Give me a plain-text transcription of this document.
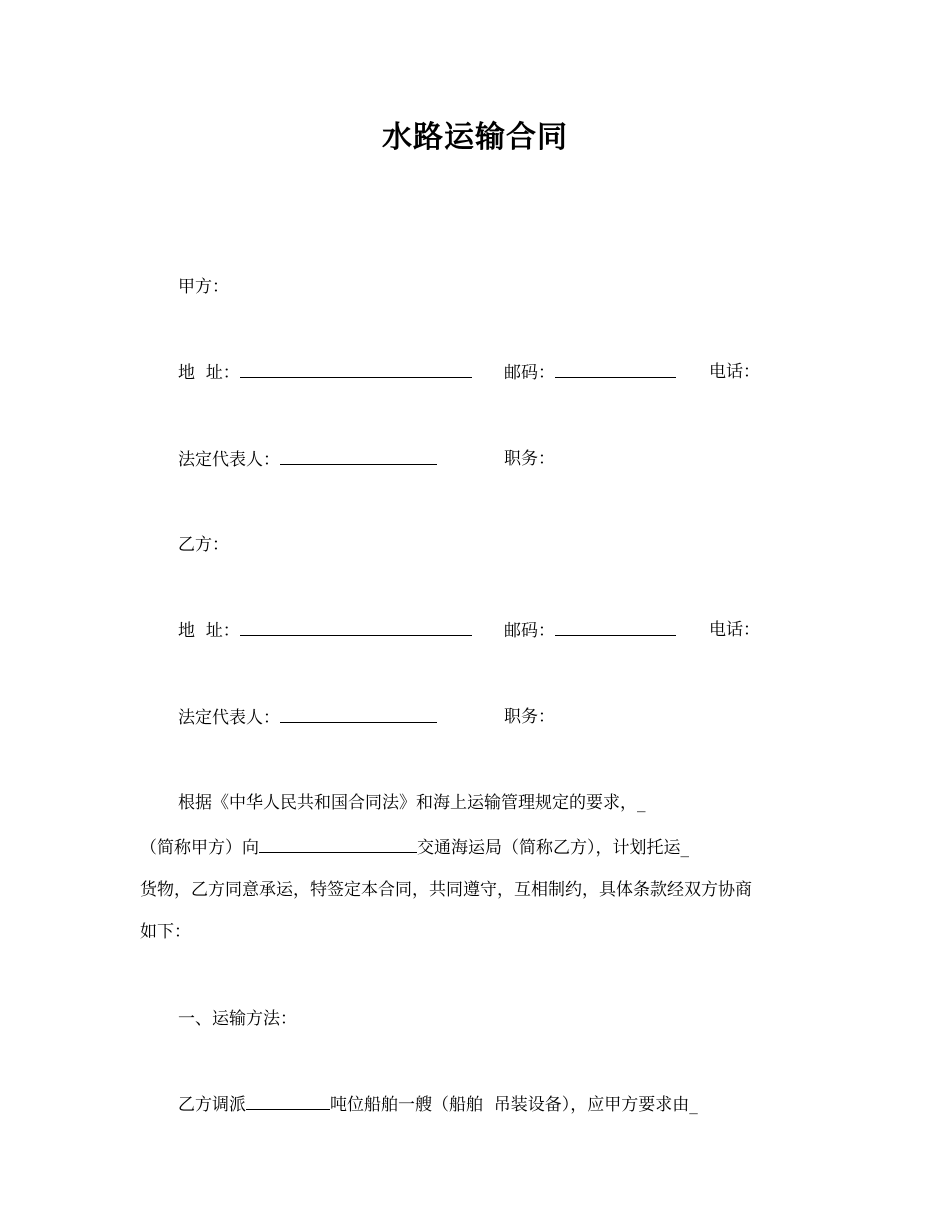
水路运输合同
甲方：
地  址：	邮码：	电话：
法定代表人：	职务：
乙方：
地  址：	邮码：	电话：
法定代表人：	职务：
根据《中华人民共和国合同法》和海上运输管理规定的要求，_
（简称甲方）向	交通海运局（简称乙方），计划托运_
货物，乙方同意承运，特签定本合同，共同遵守，互相制约，具体条款经双方协商
如下：
一、运输方法：
乙方调派	吨位船舶一艘（船舶  吊装设备），应甲方要求由_
